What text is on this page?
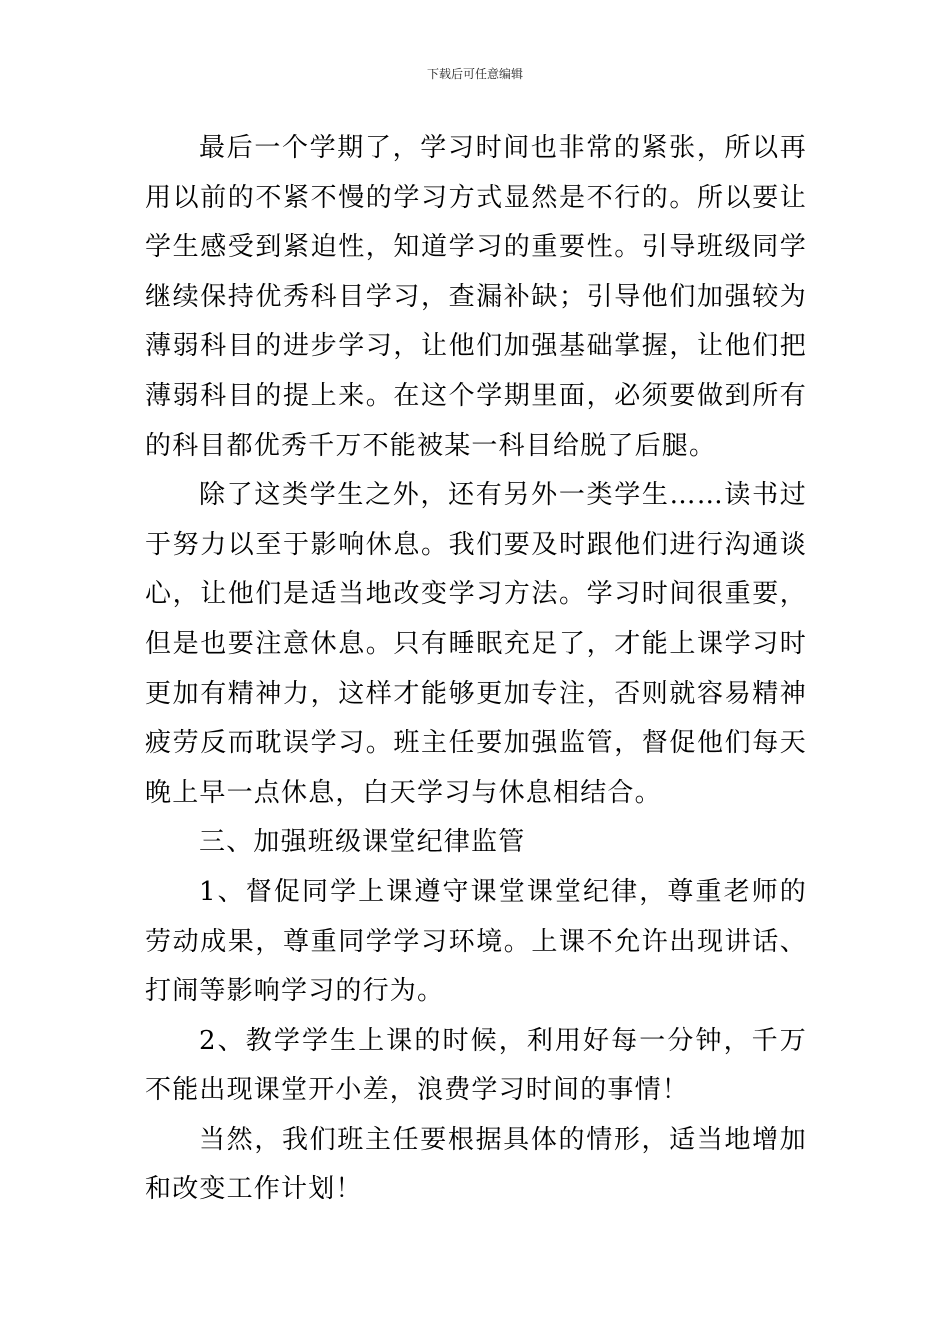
下载后可任意编辑

最后一个学期了，学习时间也非常的紧张，所以再用以前的不紧不慢的学习方式显然是不行的。所以要让学生感受到紧迫性，知道学习的重要性。引导班级同学继续保持优秀科目学习，查漏补缺；引导他们加强较为薄弱科目的进步学习，让他们加强基础掌握，让他们把薄弱科目的提上来。在这个学期里面，必须要做到所有的科目都优秀千万不能被某一科目给脱了后腿。

除了这类学生之外，还有另外一类学生……读书过于努力以至于影响休息。我们要及时跟他们进行沟通谈心，让他们是适当地改变学习方法。学习时间很重要，但是也要注意休息。只有睡眠充足了，才能上课学习时更加有精神力，这样才能够更加专注，否则就容易精神疲劳反而耽误学习。班主任要加强监管，督促他们每天晚上早一点休息，白天学习与休息相结合。

三、加强班级课堂纪律监管

1、督促同学上课遵守课堂课堂纪律，尊重老师的劳动成果，尊重同学学习环境。上课不允许出现讲话、打闹等影响学习的行为。

2、教学学生上课的时候，利用好每一分钟，千万不能出现课堂开小差，浪费学习时间的事情！

当然，我们班主任要根据具体的情形，适当地增加和改变工作计划！
